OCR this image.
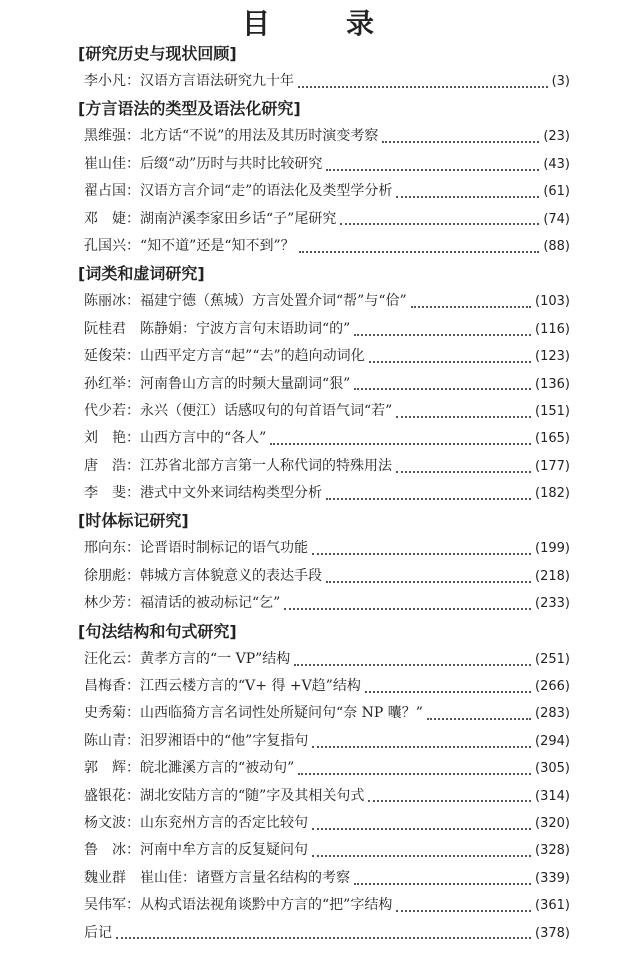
目　录
[研究历史与现状回顾]
李小凡：汉语方言语法研究九十年	(3)
[方言语法的类型及语法化研究]
黑维强：北方话“不说”的用法及其历时演变考察	(23)
崔山佳：后缀“动”历时与共时比较研究	(43)
翟占国：汉语方言介词“走”的语法化及类型学分析	(61)
邓　婕：湖南泸溪李家田乡话“子”尾研究	(74)
孔国兴：“知不道”还是“知不到”？	(88)
[词类和虚词研究]
陈丽冰：福建宁德（蕉城）方言处置介词“帮”与“佮”	(103)
阮桂君　陈静娟：宁波方言句末语助词“的”	(116)
延俊荣：山西平定方言“起”“去”的趋向动词化	(123)
孙红举：河南鲁山方言的时频大量副词“狠”	(136)
代少若：永兴（便江）话感叹句的句首语气词“若”	(151)
刘　艳：山西方言中的“各人”	(165)
唐　浩：江苏省北部方言第一人称代词的特殊用法	(177)
李　斐：港式中文外来词结构类型分析	(182)
[时体标记研究]
邢向东：论晋语时制标记的语气功能	(199)
徐朋彪：韩城方言体貌意义的表达手段	(218)
林少芳：福清话的被动标记“乞”	(233)
[句法结构和句式研究]
汪化云：黄孝方言的“一 VP”结构	(251)
昌梅香：江西云楼方言的“V+ 得 +V趋”结构	(266)
史秀菊：山西临猗方言名词性处所疑问句“奈 NP 囔？”	(283)
陈山青：汨罗湘语中的“他”字复指句	(294)
郭　辉：皖北濉溪方言的“被动句”	(305)
盛银花：湖北安陆方言的“随”字及其相关句式	(314)
杨文波：山东兖州方言的否定比较句	(320)
鲁　冰：河南中牟方言的反复疑问句	(328)
魏业群　崔山佳：诸暨方言量名结构的考察	(339)
吴伟军：从构式语法视角谈黔中方言的“把”字结构	(361)
后记	(378)
